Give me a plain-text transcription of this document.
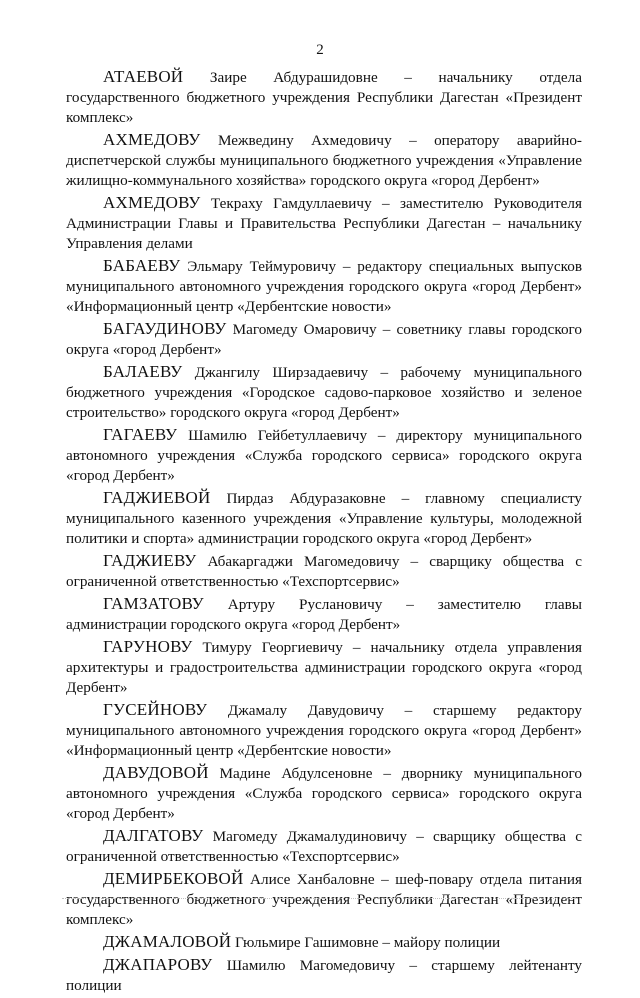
2

АТАЕВОЙ Заире Абдурашидовне – начальнику отдела государственного бюджетного учреждения Республики Дагестан «Президент комплекс»

АХМЕДОВУ Межведину Ахмедовичу – оператору аварийно-диспетчерской службы муниципального бюджетного учреждения «Управление жилищно-коммунального хозяйства» городского округа «город Дербент»

АХМЕДОВУ Текраху Гамдуллаевичу – заместителю Руководителя Администрации Главы и Правительства Республики Дагестан – начальнику Управления делами

БАБАЕВУ Эльмару Теймуровичу – редактору специальных выпусков муниципального автономного учреждения городского округа «город Дербент» «Информационный центр «Дербентские новости»

БАГАУДИНОВУ Магомеду Омаровичу – советнику главы городского округа «город Дербент»

БАЛАЕВУ Джангилу Ширзадаевичу – рабочему муниципального бюджетного учреждения «Городское садово-парковое хозяйство и зеленое строительство» городского округа «город Дербент»

ГАГАЕВУ Шамилю Гейбетуллаевичу – директору муниципального автономного учреждения «Служба городского сервиса» городского округа «город Дербент»

ГАДЖИЕВОЙ Пирдаз Абдуразаковне – главному специалисту муниципального казенного учреждения «Управление культуры, молодежной политики и спорта» администрации городского округа «город Дербент»

ГАДЖИЕВУ Абакаргаджи Магомедовичу – сварщику общества с ограниченной ответственностью «Техспортсервис»

ГАМЗАТОВУ Артуру Руслановичу – заместителю главы администрации городского округа «город Дербент»

ГАРУНОВУ Тимуру Георгиевичу – начальнику отдела управления архитектуры и градостроительства администрации городского округа «город Дербент»

ГУСЕЙНОВУ Джамалу Давудовичу – старшему редактору муниципального автономного учреждения городского округа «город Дербент» «Информационный центр «Дербентские новости»

ДАВУДОВОЙ Мадине Абдулсеновне – дворнику муниципального автономного учреждения «Служба городского сервиса» городского округа «город Дербент»

ДАЛГАТОВУ Магомеду Джамалудиновичу – сварщику общества с ограниченной ответственностью «Техспортсервис»

ДЕМИРБЕКОВОЙ Алисе Ханбаловне – шеф-повару отдела питания государственного бюджетного учреждения Республики Дагестан «Президент комплекс»

ДЖАМАЛОВОЙ Гюльмире Гашимовне – майору полиции

ДЖАПАРОВУ Шамилю Магомедовичу – старшему лейтенанту полиции
